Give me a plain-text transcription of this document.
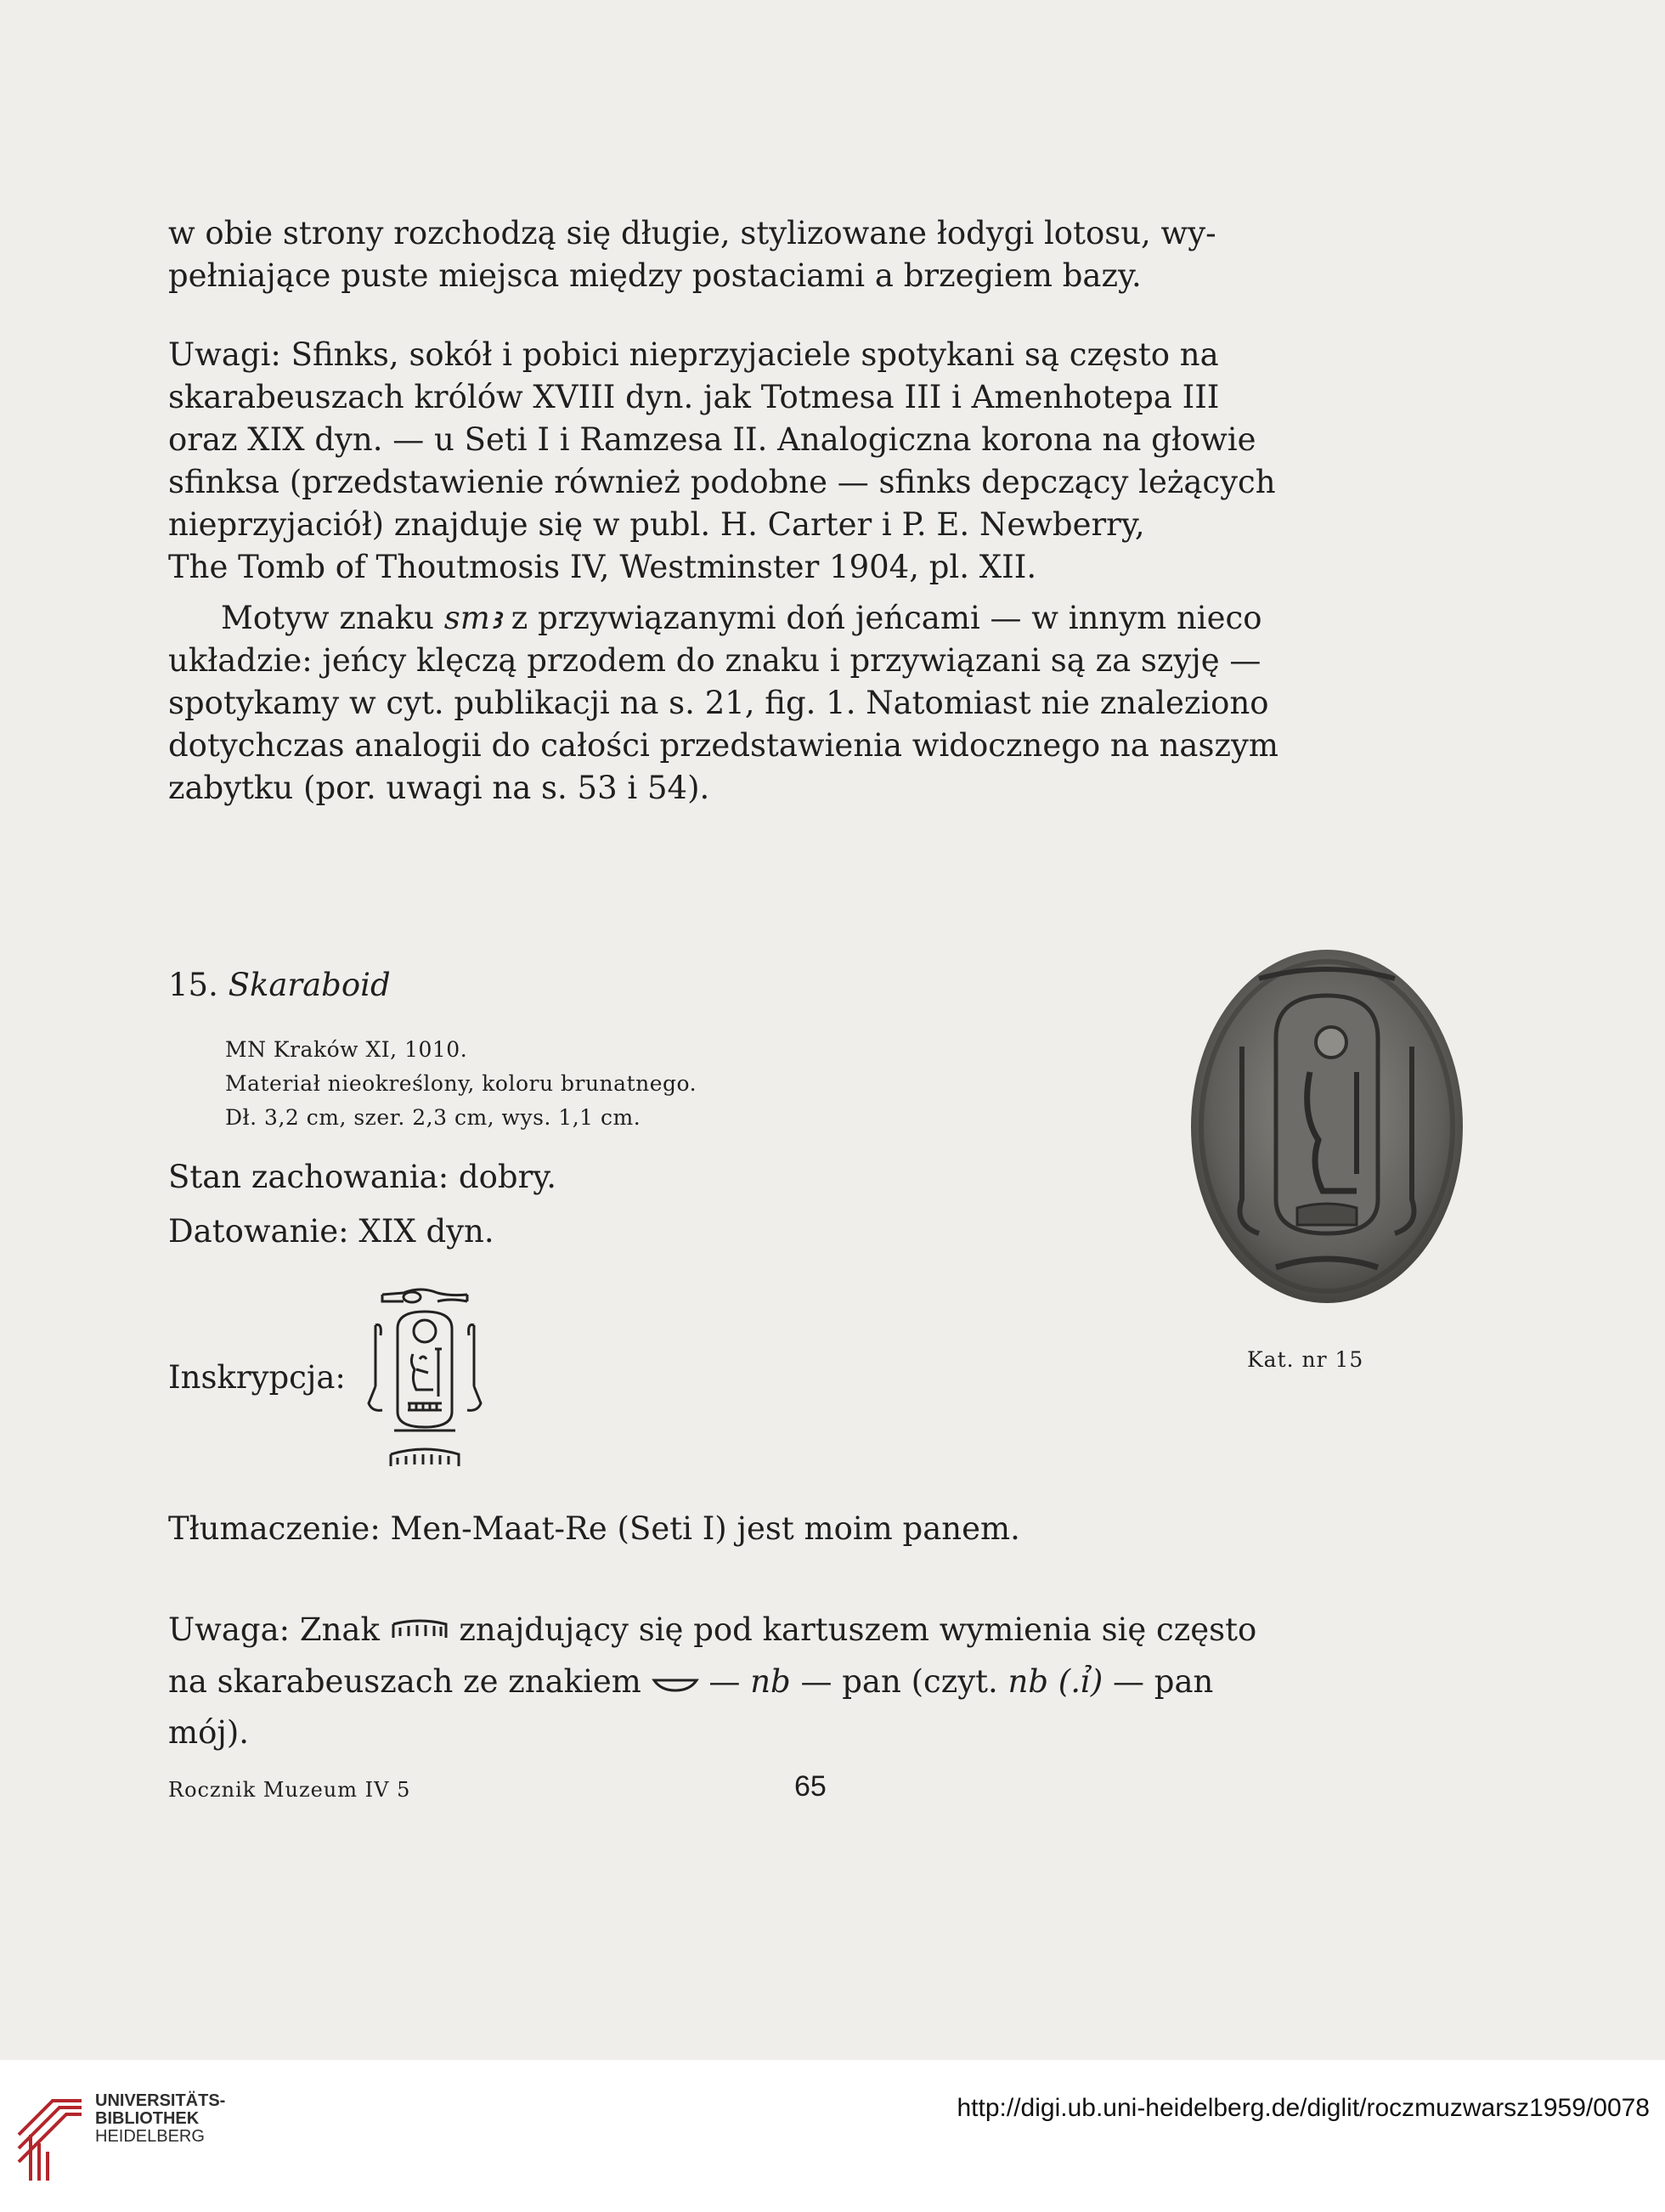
w obie strony rozchodzą się długie, stylizowane łodygi lotosu, wy-
pełniające puste miejsca między postaciami a brzegiem bazy.
Uwagi: Sfinks, sokół i pobici nieprzyjaciele spotykani są często na
skarabeuszach królów XVIII dyn. jak Totmesa III i Amenhotepa III
oraz XIX dyn. — u Seti I i Ramzesa II. Analogiczna korona na głowie
sfinksa (przedstawienie również podobne — sfinks depczący leżących
nieprzyjaciół) znajduje się w publ. H. Carter i P. E. Newberry,
The Tomb of Thoutmosis IV, Westminster 1904, pl. XII.
Motyw znaku smꜣ z przywiązanymi doń jeńcami — w innym nieco
układzie: jeńcy klęczą przodem do znaku i przywiązani są za szyję —
spotykamy w cyt. publikacji na s. 21, fig. 1. Natomiast nie znaleziono
dotychczas analogii do całości przedstawienia widocznego na naszym
zabytku (por. uwagi na s. 53 i 54).
15. Skaraboid
MN Kraków XI, 1010.
Materiał nieokreślony, koloru brunatnego.
Dł. 3,2 cm, szer. 2,3 cm, wys. 1,1 cm.
Stan zachowania: dobry.
Datowanie: XIX dyn.
Inskrypcja:
Tłumaczenie: Men-Maat-Re (Seti I) jest moim panem.
Uwaga: Znak  znajdujący się pod kartuszem wymienia się często
na skarabeuszach ze znakiem  — nb — pan (czyt. nb (.ỉ) — pan
mój).
Rocznik Muzeum IV 5	65
Kat. nr 15
UNIVERSITÄTS-
BIBLIOTHEK
HEIDELBERG
http://digi.ub.uni-heidelberg.de/diglit/roczmuzwarsz1959/0078
